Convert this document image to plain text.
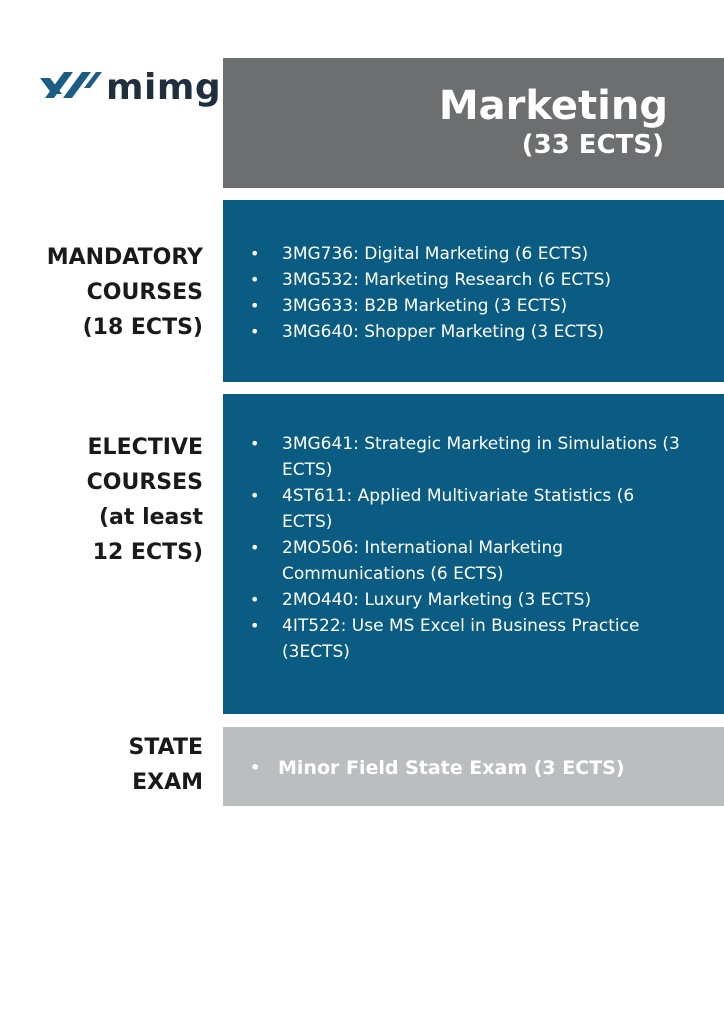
mimg	Marketing
(33 ECTS)
MANDATORY
COURSES
(18 ECTS)
• 3MG736: Digital Marketing (6 ECTS)
• 3MG532: Marketing Research (6 ECTS)
• 3MG633: B2B Marketing (3 ECTS)
• 3MG640: Shopper Marketing (3 ECTS)
ELECTIVE
COURSES
(at least
12 ECTS)
• 3MG641: Strategic Marketing in Simulations (3 ECTS)
• 4ST611: Applied Multivariate Statistics (6 ECTS)
• 2MO506: International Marketing Communications (6 ECTS)
• 2MO440: Luxury Marketing (3 ECTS)
• 4IT522: Use MS Excel in Business Practice (3ECTS)
STATE
EXAM
• Minor Field State Exam (3 ECTS)
